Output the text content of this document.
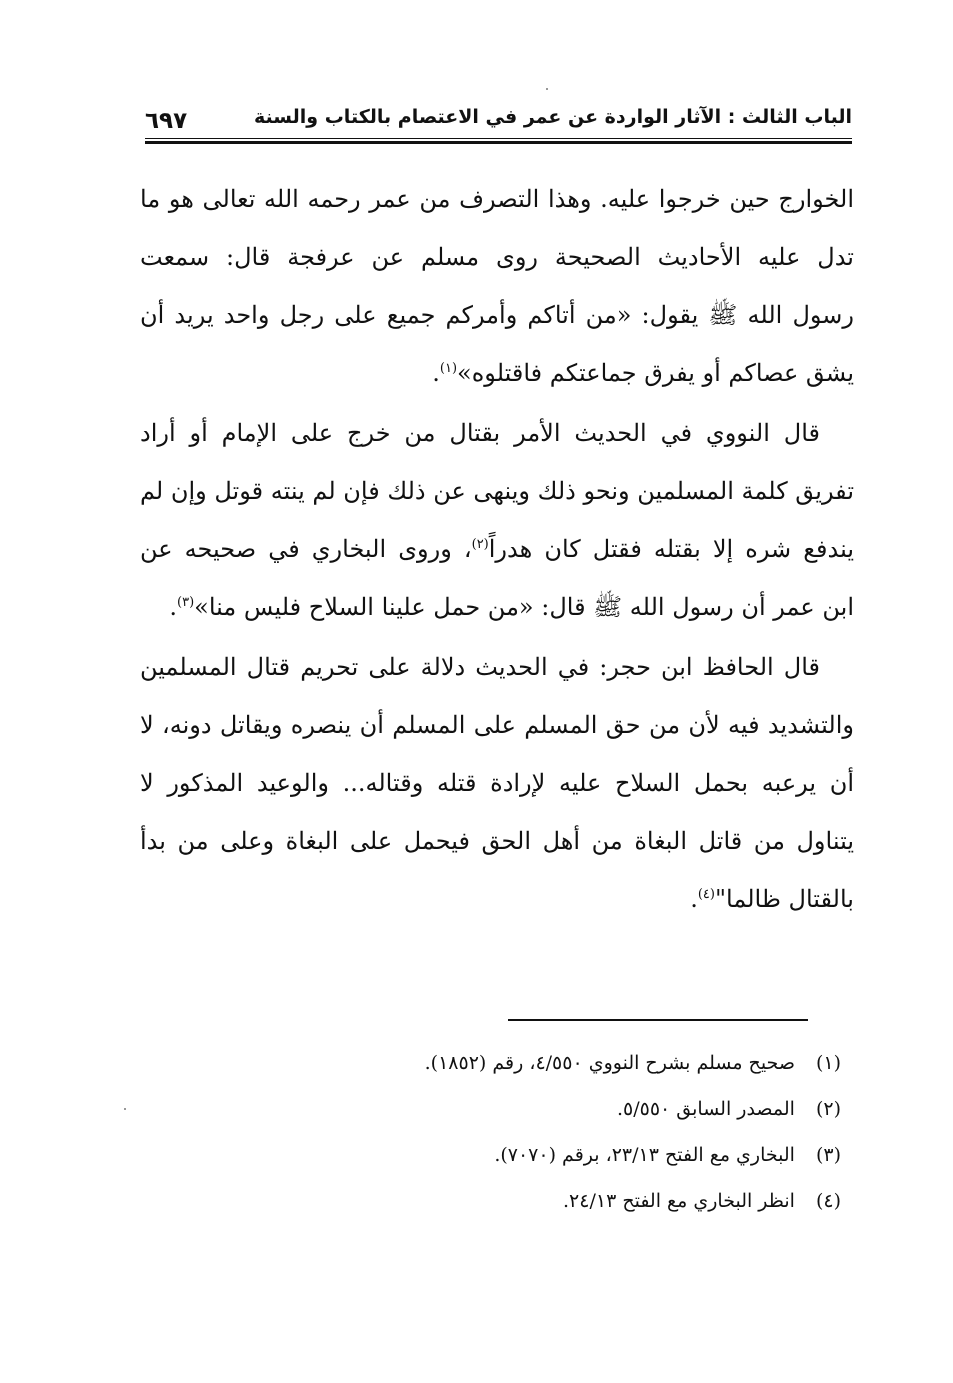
الباب الثالث : الآثار الواردة عن عمر في الاعتصام بالكتاب والسنة
٦٩٧
الخوارج حين خرجوا عليه. وهذا التصرف من عمر رحمه الله تعالى هو ما
تدل عليه الأحاديث الصحيحة روى مسلم عن عرفجة قال: سمعت
رسول الله ﷺ يقول: «من أتاكم وأمركم جميع على رجل واحد يريد أن
يشق عصاكم أو يفرق جماعتكم فاقتلوه»$^{(١)}$.
قال النووي في الحديث الأمر بقتال من خرج على الإمام أو أراد
تفريق كلمة المسلمين ونحو ذلك وينهى عن ذلك فإن لم ينته قوتل وإن لم
يندفع شره إلا بقتله فقتل كان هدراً$^{(٢)}$، وروى البخاري في صحيحه عن
ابن عمر أن رسول الله ﷺ قال: «من حمل علينا السلاح فليس منا»$^{(٣)}$.
قال الحافظ ابن حجر: في الحديث دلالة على تحريم قتال المسلمين
والتشديد فيه لأن من حق المسلم على المسلم أن ينصره ويقاتل دونه، لا
أن يرعبه بحمل السلاح عليه لإرادة قتله وقتاله... والوعيد المذكور لا
يتناول من قاتل البغاة من أهل الحق فيحمل على البغاة وعلى من بدأ
بالقتال ظالما"$^{(٤)}$.
(١) صحيح مسلم بشرح النووي ٤/٥٥٠، رقم (١٨٥٢).
(٢) المصدر السابق ٥/٥٥٠.
(٣) البخاري مع الفتح ٢٣/١٣، برقم (٧٠٧٠).
(٤) انظر البخاري مع الفتح ٢٤/١٣.
